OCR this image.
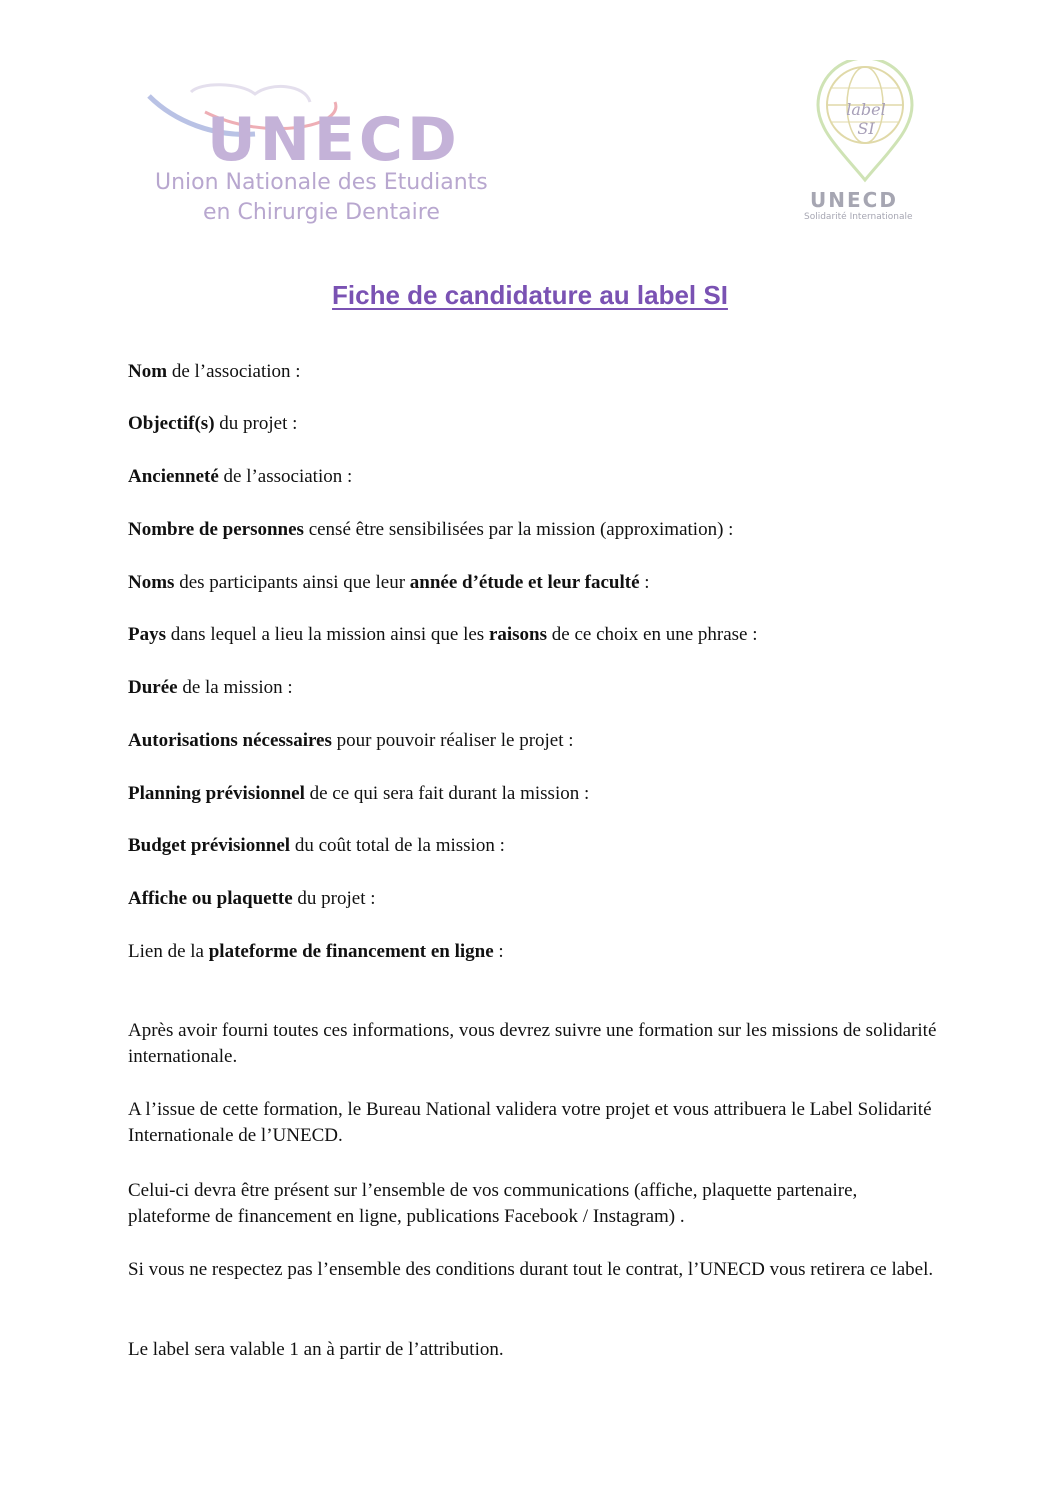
UNECD
Union Nationale des Etudiants
en Chirurgie Dentaire
label SI
UNECD
Solidarité Internationale
Fiche de candidature au label SI
Nom de l’association :
Objectif(s) du projet :
Ancienneté de l’association :
Nombre de personnes censé être sensibilisées par la mission (approximation) :
Noms des participants ainsi que leur année d’étude et leur faculté :
Pays dans lequel a lieu la mission ainsi que les raisons de ce choix en une phrase :
Durée de la mission :
Autorisations nécessaires pour pouvoir réaliser le projet :
Planning prévisionnel de ce qui sera fait durant la mission :
Budget prévisionnel du coût total de la mission :
Affiche ou plaquette du projet :
Lien de la plateforme de financement en ligne :
Après avoir fourni toutes ces informations, vous devrez suivre une formation sur les missions de solidarité internationale.
A l’issue de cette formation, le Bureau National validera votre projet et vous attribuera le Label Solidarité Internationale de l’UNECD.
Celui-ci devra être présent sur l’ensemble de vos communications (affiche, plaquette partenaire, plateforme de financement en ligne, publications Facebook / Instagram) .
Si vous ne respectez pas l’ensemble des conditions durant tout le contrat, l’UNECD vous retirera ce label.
Le label sera valable 1 an à partir de l’attribution.
